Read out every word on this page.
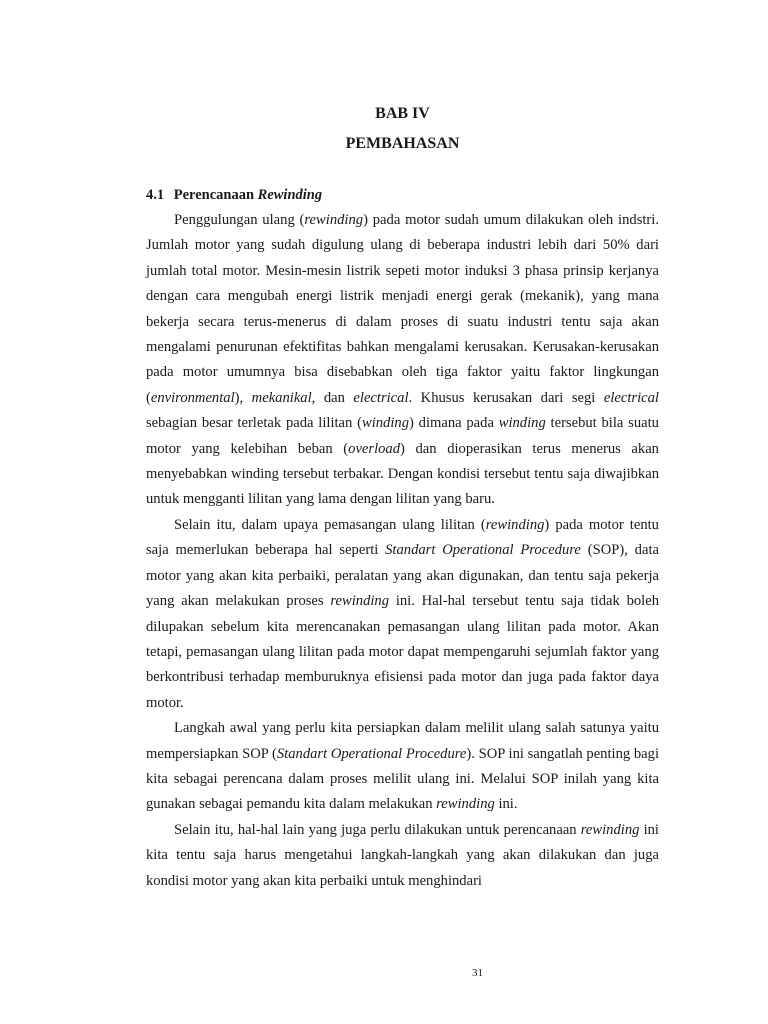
BAB IV
PEMBAHASAN
4.1 Perencanaan Rewinding

Penggulungan ulang (rewinding) pada motor sudah umum dilakukan oleh indstri. Jumlah motor yang sudah digulung ulang di beberapa industri lebih dari 50% dari jumlah total motor. Mesin-mesin listrik sepeti motor induksi 3 phasa prinsip kerjanya dengan cara mengubah energi listrik menjadi energi gerak (mekanik), yang mana bekerja secara terus-menerus di dalam proses di suatu industri tentu saja akan mengalami penurunan efektifitas bahkan mengalami kerusakan. Kerusakan-kerusakan pada motor umumnya bisa disebabkan oleh tiga faktor yaitu faktor lingkungan (environmental), mekanikal, dan electrical. Khusus kerusakan dari segi electrical sebagian besar terletak pada lilitan (winding) dimana pada winding tersebut bila suatu motor yang kelebihan beban (overload) dan dioperasikan terus menerus akan menyebabkan winding tersebut terbakar. Dengan kondisi tersebut tentu saja diwajibkan untuk mengganti lilitan yang lama dengan lilitan yang baru.

Selain itu, dalam upaya pemasangan ulang lilitan (rewinding) pada motor tentu saja memerlukan beberapa hal seperti Standart Operational Procedure (SOP), data motor yang akan kita perbaiki, peralatan yang akan digunakan, dan tentu saja pekerja yang akan melakukan proses rewinding ini. Hal-hal tersebut tentu saja tidak boleh dilupakan sebelum kita merencanakan pemasangan ulang lilitan pada motor. Akan tetapi, pemasangan ulang lilitan pada motor dapat mempengaruhi sejumlah faktor yang berkontribusi terhadap memburuknya efisiensi pada motor dan juga pada faktor daya motor.

Langkah awal yang perlu kita persiapkan dalam melilit ulang salah satunya yaitu mempersiapkan SOP (Standart Operational Procedure). SOP ini sangatlah penting bagi kita sebagai perencana dalam proses melilit ulang ini. Melalui SOP inilah yang kita gunakan sebagai pemandu kita dalam melakukan rewinding ini.

Selain itu, hal-hal lain yang juga perlu dilakukan untuk perencanaan rewinding ini kita tentu saja harus mengetahui langkah-langkah yang akan dilakukan dan juga kondisi motor yang akan kita perbaiki untuk menghindari

31
